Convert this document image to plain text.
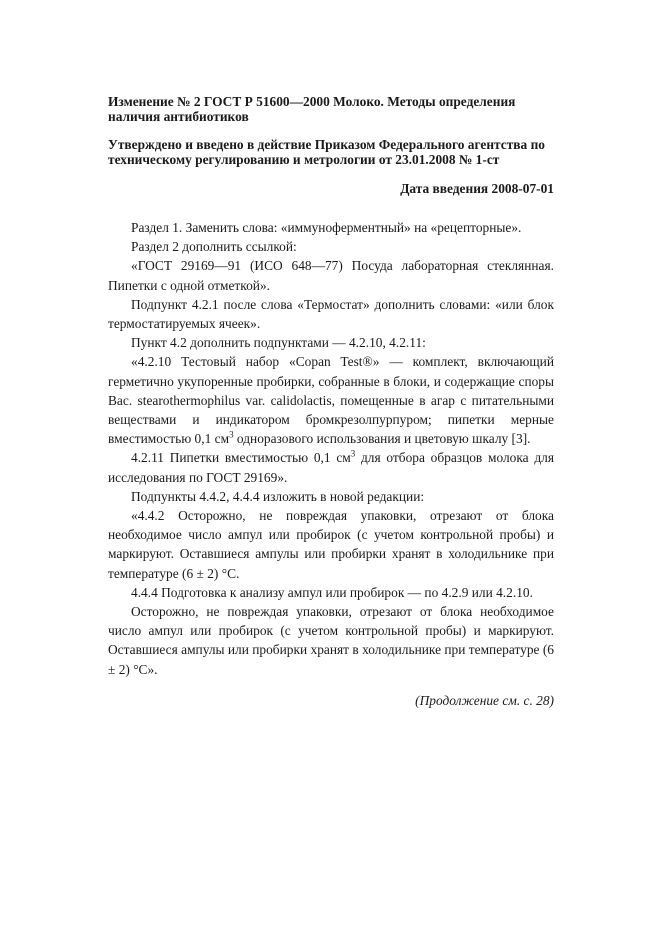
Изменение № 2 ГОСТ Р 51600—2000 Молоко. Методы определения
наличия антибиотиков
Утверждено и введено в действие Приказом Федерального агентства по
техническому регулированию и метрологии от 23.01.2008 № 1-ст
Дата введения 2008-07-01

Раздел 1. Заменить слова: «иммуноферментный» на «рецепторные».

Раздел 2 дополнить ссылкой:

«ГОСТ 29169—91 (ИСО 648—77) Посуда лабораторная стеклянная. Пипетки с одной отметкой».

Подпункт 4.2.1 после слова «Термостат» дополнить словами: «или блок термостатируемых ячеек».

Пункт 4.2 дополнить подпунктами — 4.2.10, 4.2.11:

«4.2.10 Тестовый набор «Copan Test®» — комплект, включающий герметично укупоренные пробирки, собранные в блоки, и содержащие споры Bac. stearothermophilus var. calidolactis, помещенные в агар с питательными веществами и индикатором бромкрезолпурпуром; пипетки мерные вместимостью 0,1 $см^3$ одноразового использования и цветовую шкалу [3].

4.2.11 Пипетки вместимостью 0,1 $см^3$ для отбора образцов молока для исследования по ГОСТ 29169».

Подпункты 4.4.2, 4.4.4 изложить в новой редакции:

«4.4.2 Осторожно, не повреждая упаковки, отрезают от блока необходимое число ампул или пробирок (с учетом контрольной пробы) и маркируют. Оставшиеся ампулы или пробирки хранят в холодильнике при температуре (6 ± 2) °С.

4.4.4 Подготовка к анализу ампул или пробирок — по 4.2.9 или 4.2.10.

Осторожно, не повреждая упаковки, отрезают от блока необходимое число ампул или пробирок (с учетом контрольной пробы) и маркируют. Оставшиеся ампулы или пробирки хранят в холодильнике при температуре (6 ± 2) °С».

(Продолжение см. с. 28)
